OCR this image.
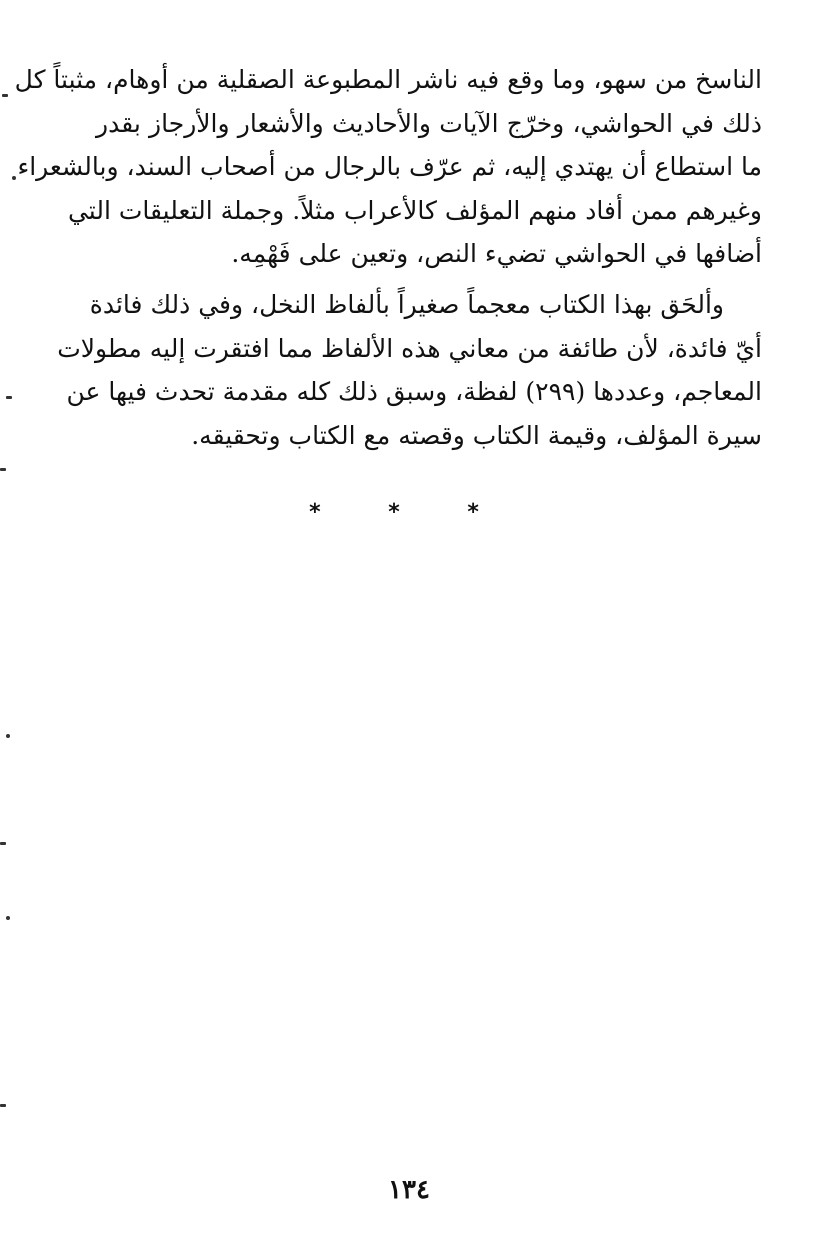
الناسخ من سهو، وما وقع فيه ناشر المطبوعة الصقلية من أوهام، مثبتاً كل
ذلك في الحواشي، وخرّج الآيات والأحاديث والأشعار والأرجاز بقدر
ما استطاع أن يهتدي إليه، ثم عرّف بالرجال من أصحاب السند، وبالشعراء
وغيرهم ممن أفاد منهم المؤلف كالأعراب مثلاً. وجملة التعليقات التي
أضافها في الحواشي تضيء النص، وتعين على فَهْمِه.
وألحَق بهذا الكتاب معجماً صغيراً بألفاظ النخل، وفي ذلك فائدة
أيّ فائدة، لأن طائفة من معاني هذه الألفاظ مما افتقرت إليه مطولات
المعاجم، وعددها (٢٩٩) لفظة، وسبق ذلك كله مقدمة تحدث فيها عن
سيرة المؤلف، وقيمة الكتاب وقصته مع الكتاب وتحقيقه.
* * *
١٣٤
